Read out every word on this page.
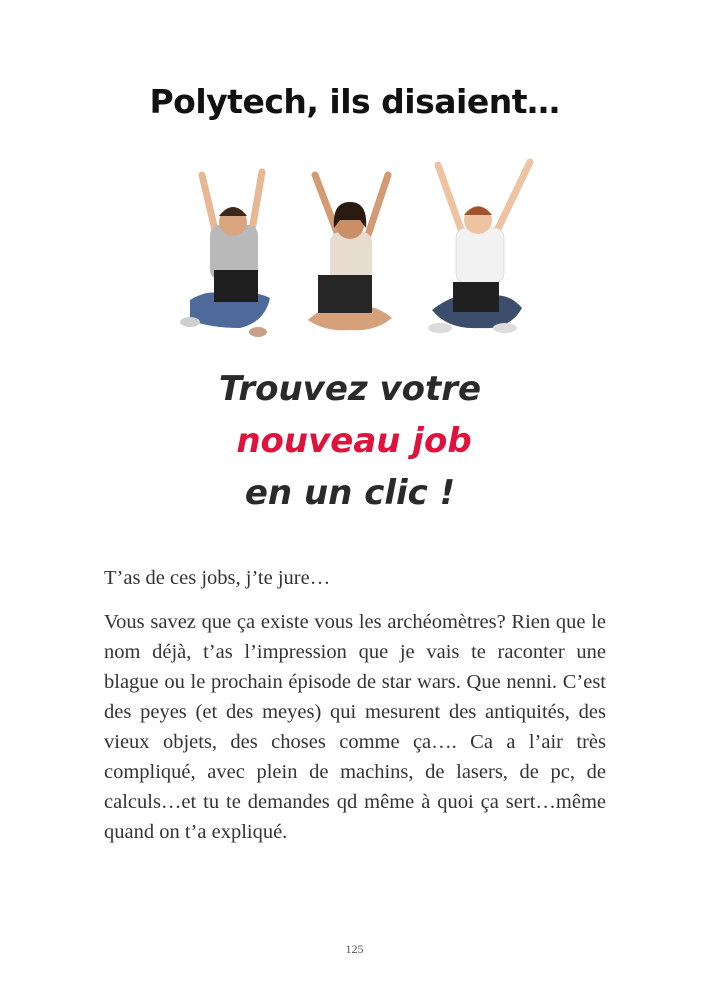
Polytech, ils disaient…
Trouvez votre
nouveau job
en un clic !

T’as de ces jobs, j’te jure…

Vous savez que ça existe vous les archéomètres? Rien que le nom déjà, t’as l’impression que je vais te raconter une blague ou le prochain épisode de star wars. Que nenni. C’est des peyes (et des meyes) qui mesurent des antiquités, des vieux objets, des choses comme ça…. Ca a l’air très compliqué, avec plein de machins, de lasers, de pc, de calculs…et tu te demandes qd même à quoi ça sert…même quand on t’a expliqué.

125
